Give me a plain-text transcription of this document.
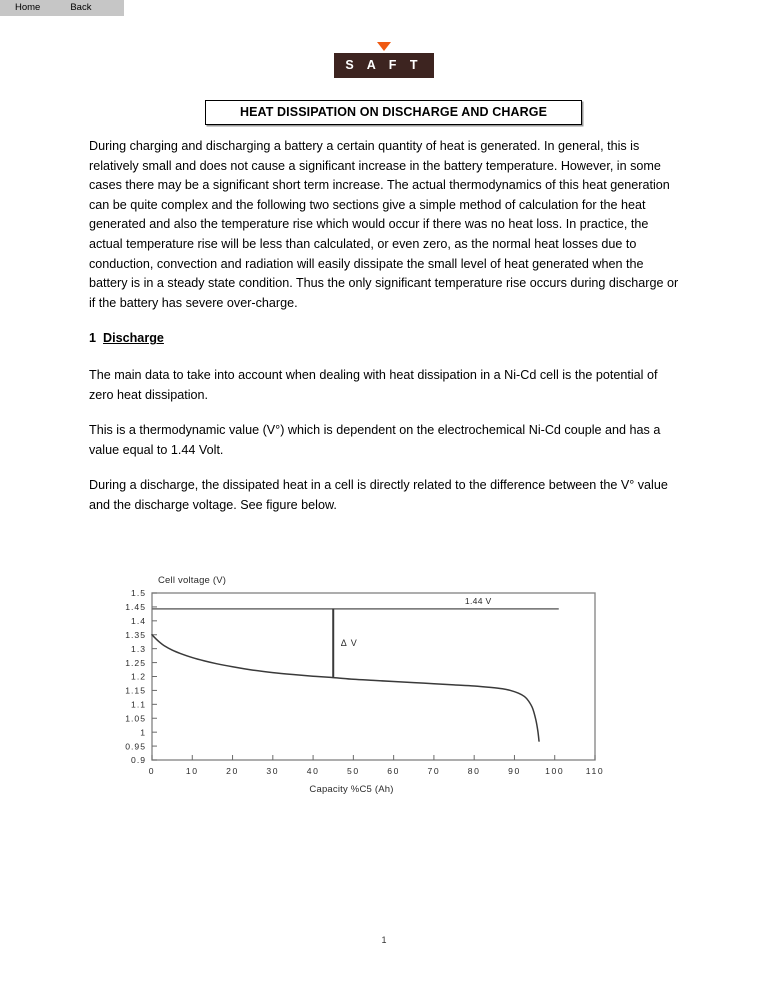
Home	Back
S A F T
HEAT DISSIPATION ON DISCHARGE AND CHARGE

During charging and discharging a battery a certain quantity of heat is generated. In general, this is relatively small and does not cause a significant increase in the battery temperature. However, in some cases there may be a significant short term increase. The actual thermodynamics of this heat generation can be quite complex and the following two sections give a simple method of calculation for the heat generated and also the temperature rise which would occur if there was no heat loss. In practice, the actual temperature rise will be less than calculated, or even zero, as the normal heat losses due to conduction, convection and radiation will easily dissipate the small level of heat generated when the battery is in a steady state condition. Thus the only significant temperature rise occurs during discharge or if the battery has severe over-charge.

1 Discharge

The main data to take into account when dealing with heat dissipation in a Ni-Cd cell is the potential of zero heat dissipation.

This is a thermodynamic value (V°) which is dependent on the electrochemical Ni-Cd couple and has a value equal to 1.44 Volt.

During a discharge, the dissipated heat in a cell is directly related to the difference between the V° value and the discharge voltage. See figure below.

Cell voltage (V)
0.9
0.95
1
1.05
1.1
1.15
1.2
1.25
1.3
1.35
1.4
1.45
1.5
0	10	20	30	40	50	60	70	80	90	100 110
1.44 V
Δ V
Capacity %C5 (Ah)
1
